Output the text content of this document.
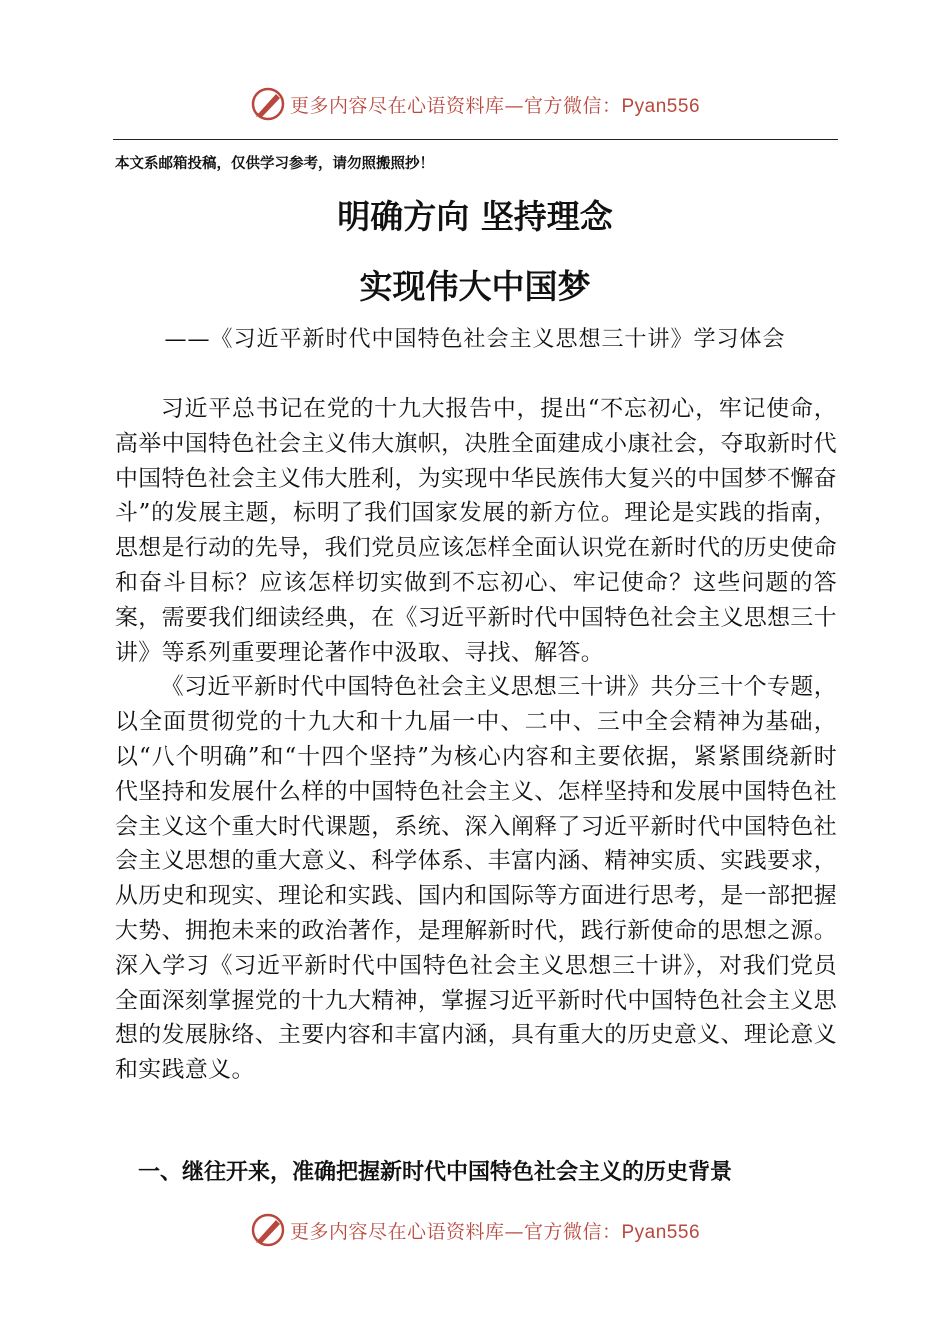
更多内容尽在心语资料库—官方微信：Pyan556
本文系邮箱投稿，仅供学习参考，请勿照搬照抄！
明确方向 坚持理念
实现伟大中国梦
——《习近平新时代中国特色社会主义思想三十讲》学习体会

习近平总书记在党的十九大报告中，提出“不忘初心，牢记使命，高举中国特色社会主义伟大旗帜，决胜全面建成小康社会，夺取新时代中国特色社会主义伟大胜利，为实现中华民族伟大复兴的中国梦不懈奋斗”的发展主题，标明了我们国家发展的新方位。理论是实践的指南，思想是行动的先导，我们党员应该怎样全面认识党在新时代的历史使命和奋斗目标？应该怎样切实做到不忘初心、牢记使命？这些问题的答案，需要我们细读经典，在《习近平新时代中国特色社会主义思想三十讲》等系列重要理论著作中汲取、寻找、解答。

《习近平新时代中国特色社会主义思想三十讲》共分三十个专题，以全面贯彻党的十九大和十九届一中、二中、三中全会精神为基础，以“八个明确”和“十四个坚持”为核心内容和主要依据，紧紧围绕新时代坚持和发展什么样的中国特色社会主义、怎样坚持和发展中国特色社会主义这个重大时代课题，系统、深入阐释了习近平新时代中国特色社会主义思想的重大意义、科学体系、丰富内涵、精神实质、实践要求，从历史和现实、理论和实践、国内和国际等方面进行思考，是一部把握大势、拥抱未来的政治著作，是理解新时代，践行新使命的思想之源。深入学习《习近平新时代中国特色社会主义思想三十讲》，对我们党员全面深刻掌握党的十九大精神，掌握习近平新时代中国特色社会主义思想的发展脉络、主要内容和丰富内涵，具有重大的历史意义、理论意义和实践意义。

一、继往开来，准确把握新时代中国特色社会主义的历史背景
更多内容尽在心语资料库—官方微信：Pyan556
